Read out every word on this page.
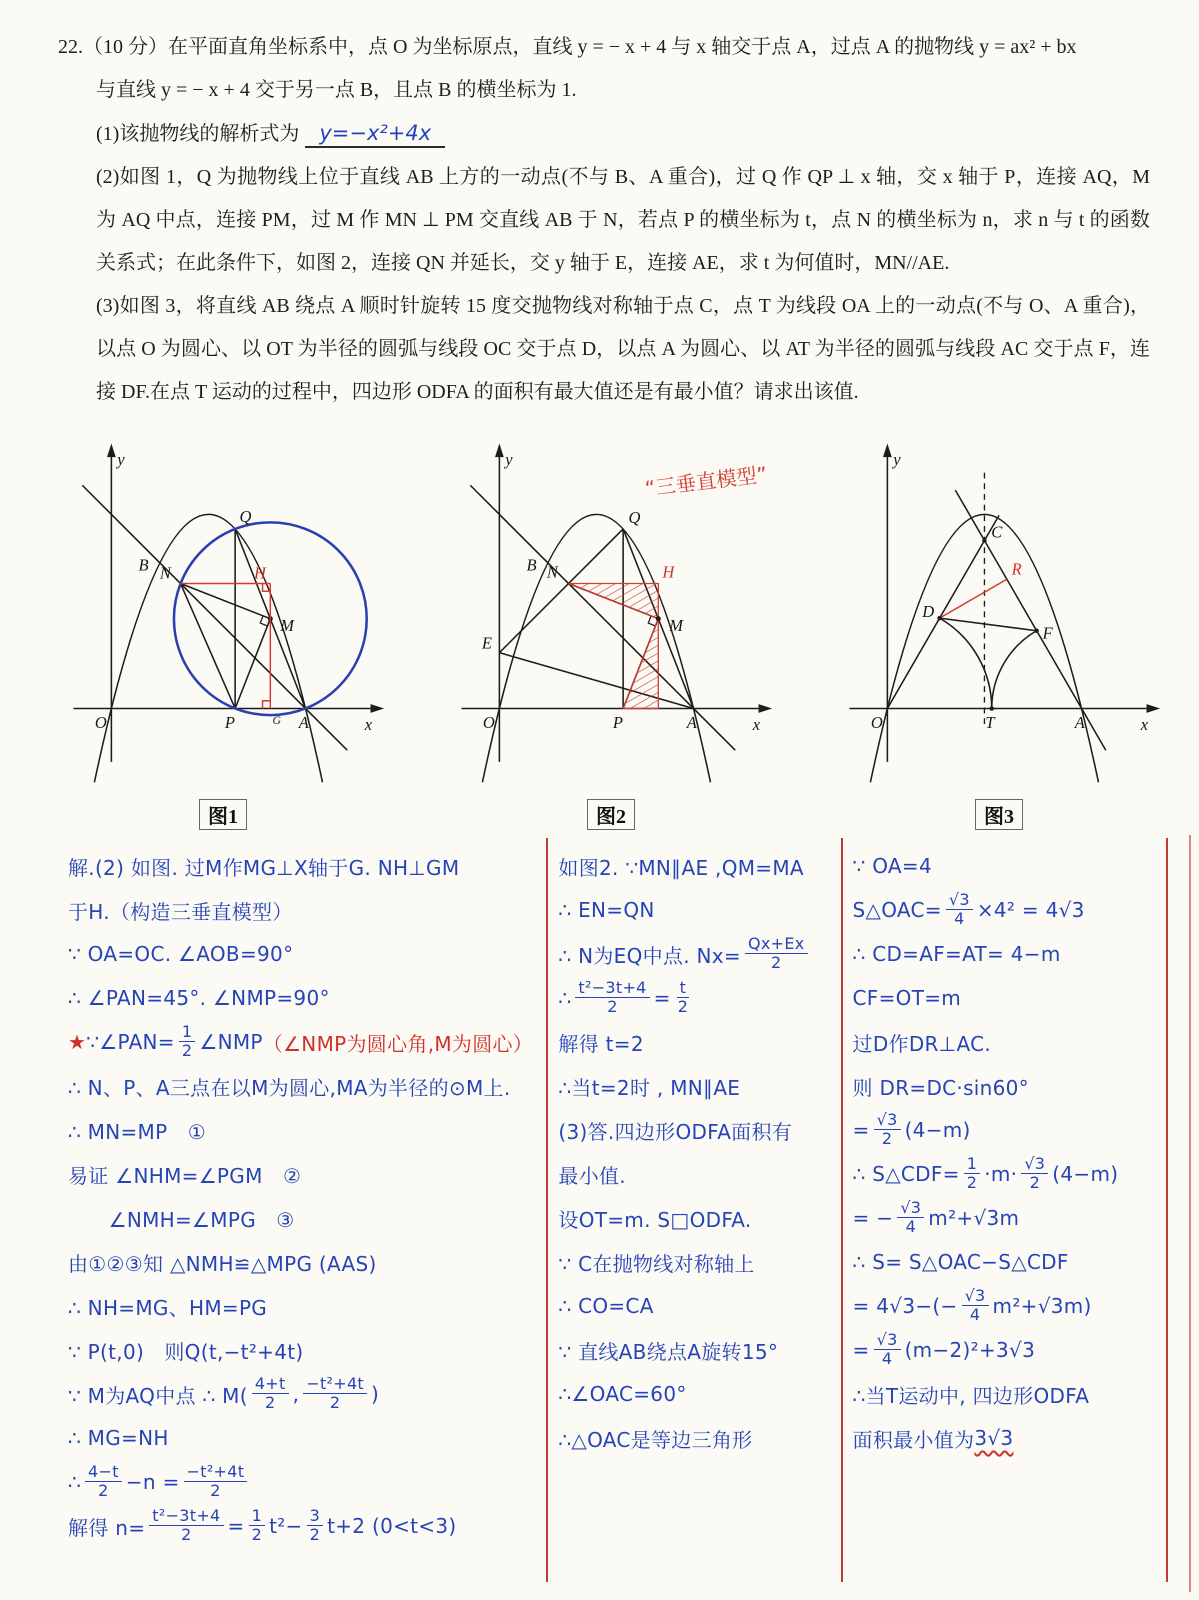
22.（10 分）在平面直角坐标系中，点 O 为坐标原点，直线 y = − x + 4 与 x 轴交于点 A，过点 A 的抛物线 y = ax² + bx

与直线 y = − x + 4 交于另一点 B，且点 B 的横坐标为 1.

(1)该抛物线的解析式为 y=−x²+4x

(2)如图 1，Q 为抛物线上位于直线 AB 上方的一动点(不与 B、A 重合)，过 Q 作 QP ⊥ x 轴，交 x 轴于 P，连接 AQ，M 为 AQ 中点，连接 PM，过 M 作 MN ⊥ PM 交直线 AB 于 N，若点 P 的横坐标为 t，点 N 的横坐标为 n，求 n 与 t 的函数关系式；在此条件下，如图 2，连接 QN 并延长，交 y 轴于 E，连接 AE，求 t 为何值时，MN//AE.

(3)如图 3，将直线 AB 绕点 A 顺时针旋转 15 度交抛物线对称轴于点 C，点 T 为线段 OA 上的一动点(不与 O、A 重合)，以点 O 为圆心、以 OT 为半径的圆弧与线段 OC 交于点 D，以点 A 为圆心、以 AT 为半径的圆弧与线段 AC 交于点 F，连接 DF.在点 T 运动的过程中，四边形 ODFA 的面积有最大值还是有最小值？请求出该值.

y
x
O
B N
Q
M
H
P	G A
图1
y
x
O
B N
Q
M
H
E
P	A
“三垂直模型”
图2
y
x
O
C
D
F
T	A
R
图3
解.(2) 如图. 过M作MG⊥X轴于G. NH⊥GM
于H.（构造三垂直模型）
∵ OA=OC. ∠AOB=90°
∴ ∠PAN=45°. ∠NMP=90°
★ ∵∠PAN= $\frac{1}{2}$ ∠NMP （∠NMP为圆心角,M为圆心）
∴ N、P、A三点在以M为圆心,MA为半径的⊙M上.
∴ MN=MP　①
易证 ∠NHM=∠PGM　②
　　∠NMH=∠MPG　③
由①②③知 △NMH≌△MPG (AAS)
∴ NH=MG、HM=PG
∵ P(t,0)　则Q(t,−t²+4t)
∵ M为AQ中点 ∴ $M( \frac{4+t}{2}$ , $\frac{\text{−t²+4t}}{2}$ )
∴ MG=NH
∴ $\frac{4-t}{2} -n = \frac{\text{−t²+4t}}{2}$
解得 $n= \frac{\text{t²−3t+4}}{2} = \frac{1}{2} t^2- \frac{3}{2} t+2$ (0<t<3)
如图2. ∵MN∥AE ,QM=MA
∴ EN=QN
∴ N为EQ中点. $Nx= \frac{Qx+Ex}{2}$
∴ $\frac{\text{t²−3t+4}}{2} = \frac{t}{2}$
解得 t=2
∴当t=2时 , MN∥AE
(3)答.四边形ODFA面积有
最小值.
设OT=m. S□ODFA.
∵ C在抛物线对称轴上
∴ CO=CA
∵ 直线AB绕点A旋转15°
∴∠OAC=60°
∴△OAC是等边三角形
∵ OA=4
S△OAC= $\frac{√3}{4} \times 4^2 = 4√3$
∴ CD=AF=AT= 4−m
CF=OT=m
过D作DR⊥AC.
则 DR=DC·sin60°
= $\frac{√3}{2} (4-m)$
∴ S△CDF= $\frac{1}{2} \cdot m\cdot \frac{√3}{2} (4-m)$
= − $\frac{√3}{4} m^2+√3m$
∴ S= S△OAC−S△CDF
= $4√3-(- \frac{√3}{4} m^2+√3m)$
= $\frac{√3}{4} (m-2)^2+3√3$
∴当T运动中, 四边形ODFA
面积最小值为 3√3
